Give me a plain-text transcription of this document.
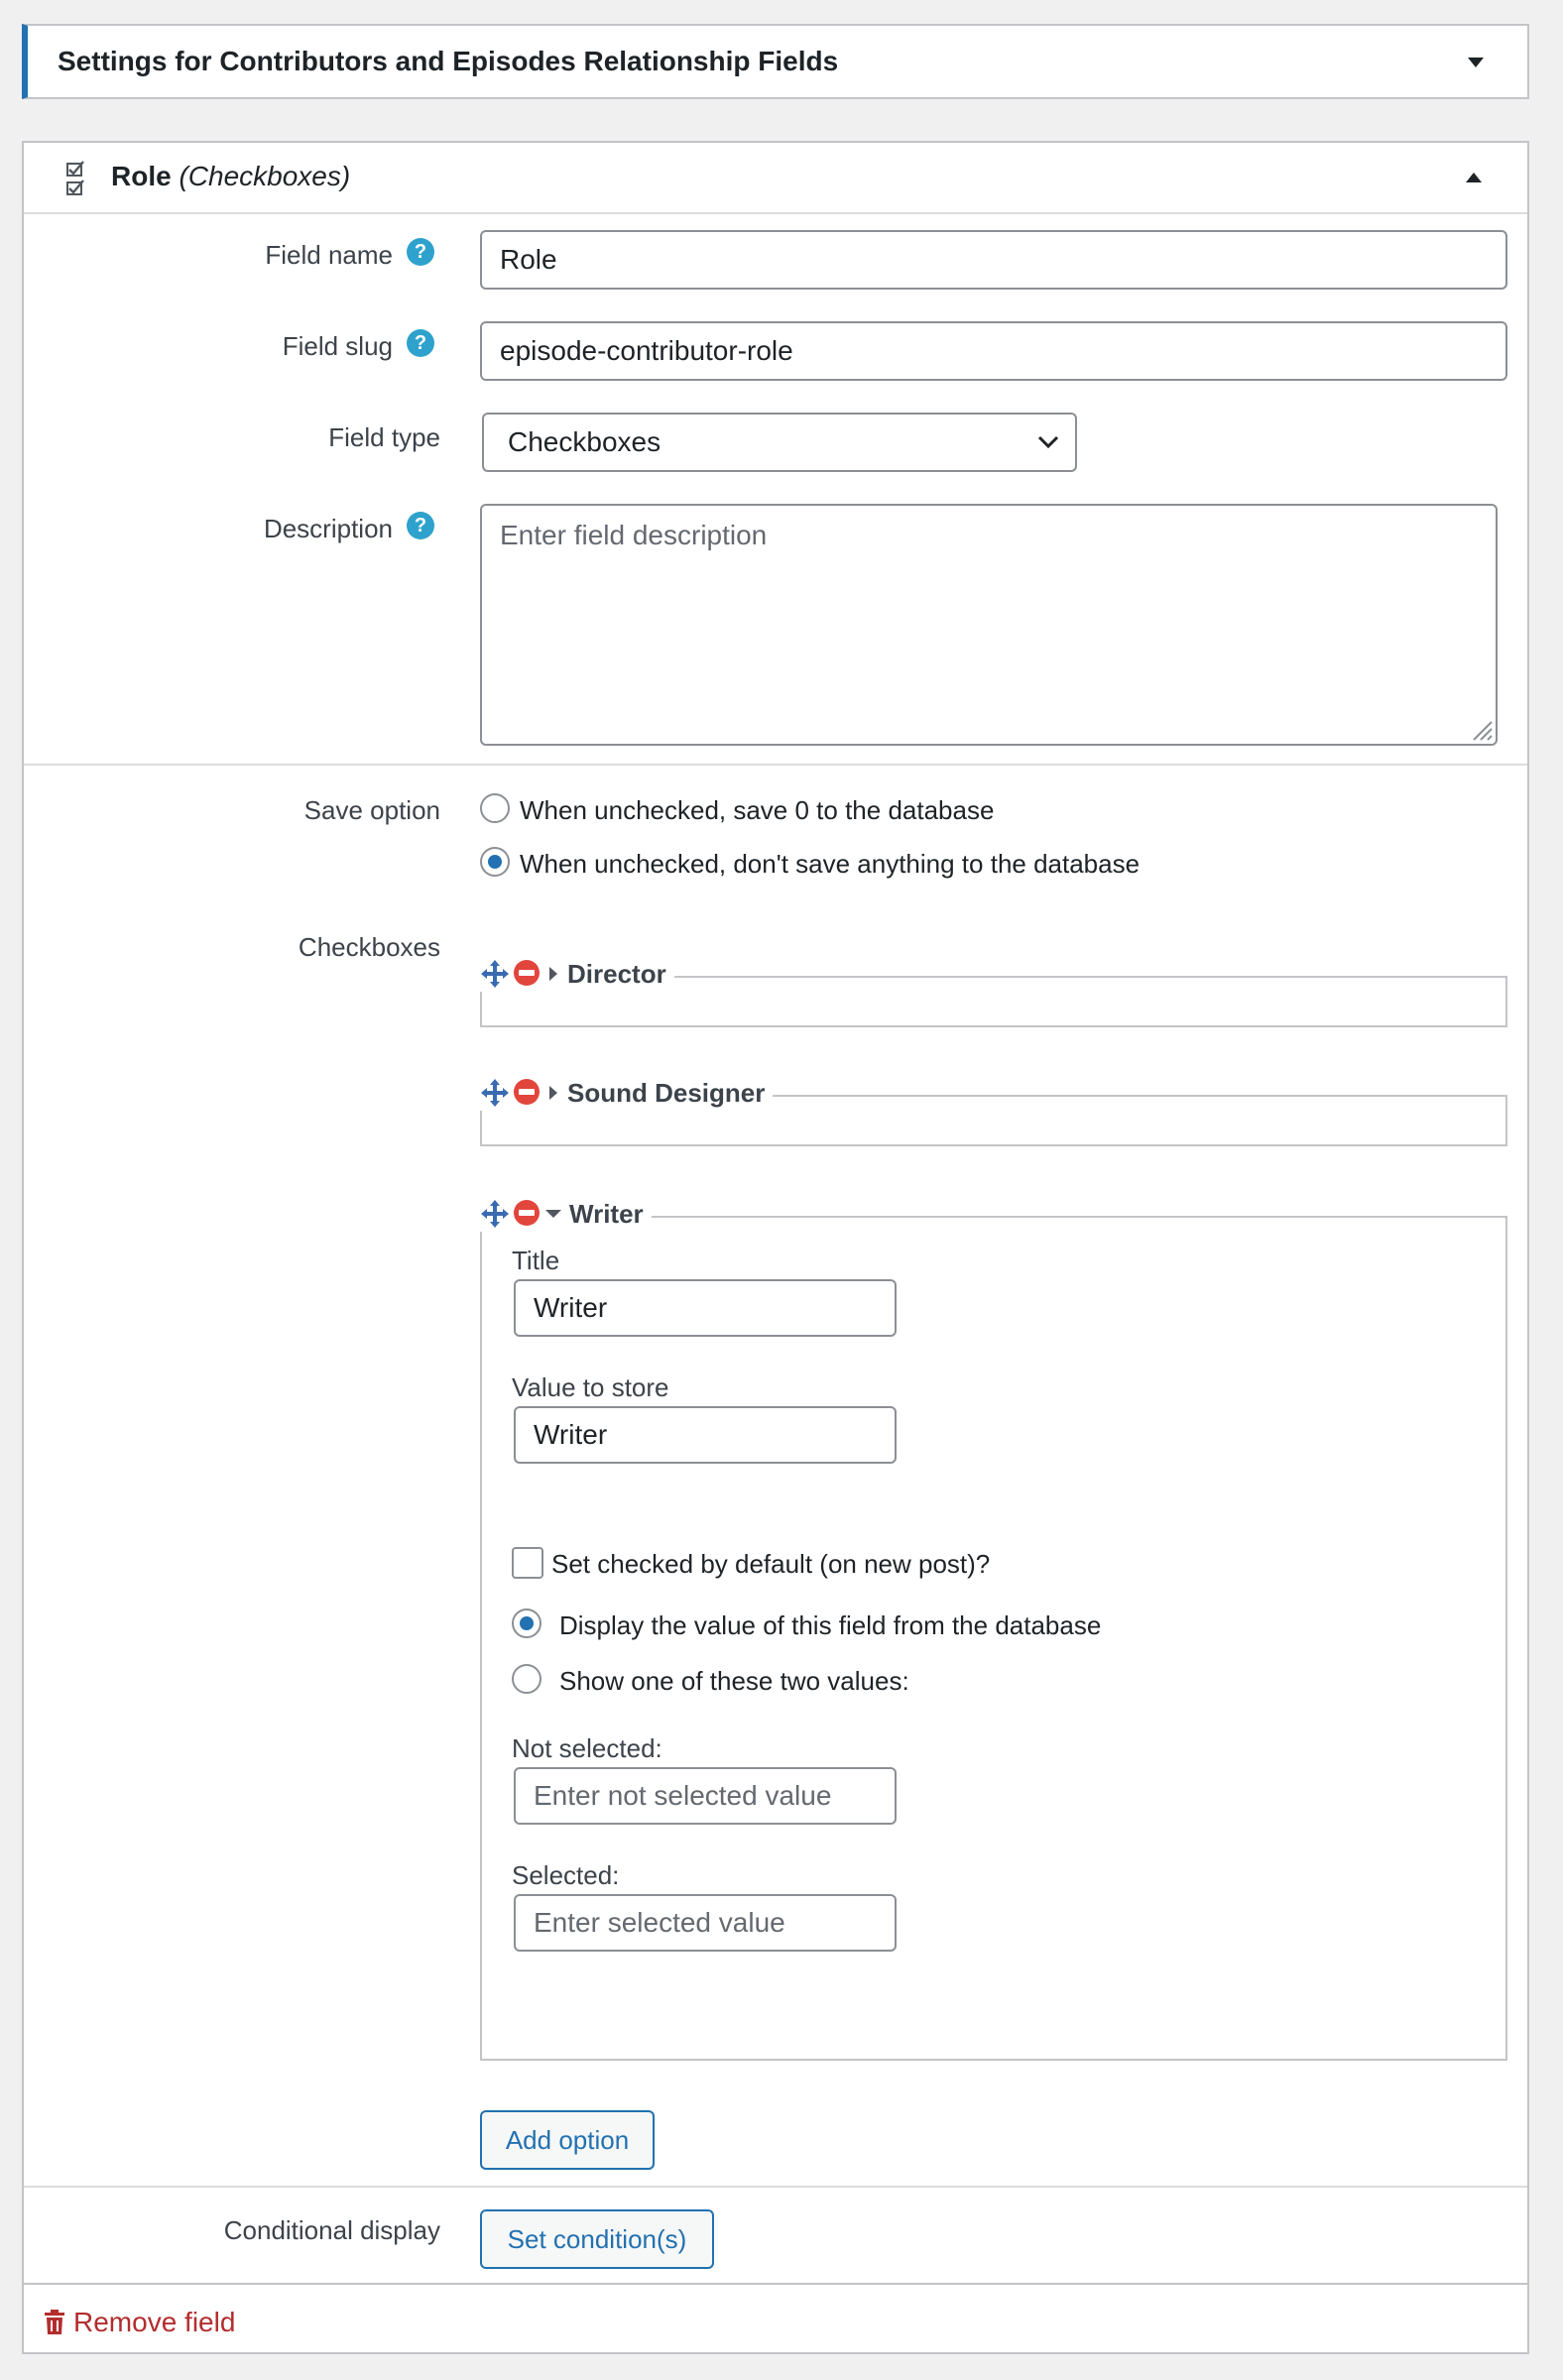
Settings for Contributors and Episodes Relationship Fields
Role (Checkboxes)
Field name	?	Role
Field slug	?	episode-contributor-role
Field type Checkboxes
Description	?	Enter field description
Save option	When unchecked, save 0 to the database
When unchecked, don't save anything to the database
Checkboxes
Director
Sound Designer
Writer
Title
Writer
Value to store
Writer
Set checked by default (on new post)?
Display the value of this field from the database
Show one of these two values:
Not selected:
Enter not selected value
Selected:
Enter selected value
Add option
Conditional display	Set condition(s)
Remove field
